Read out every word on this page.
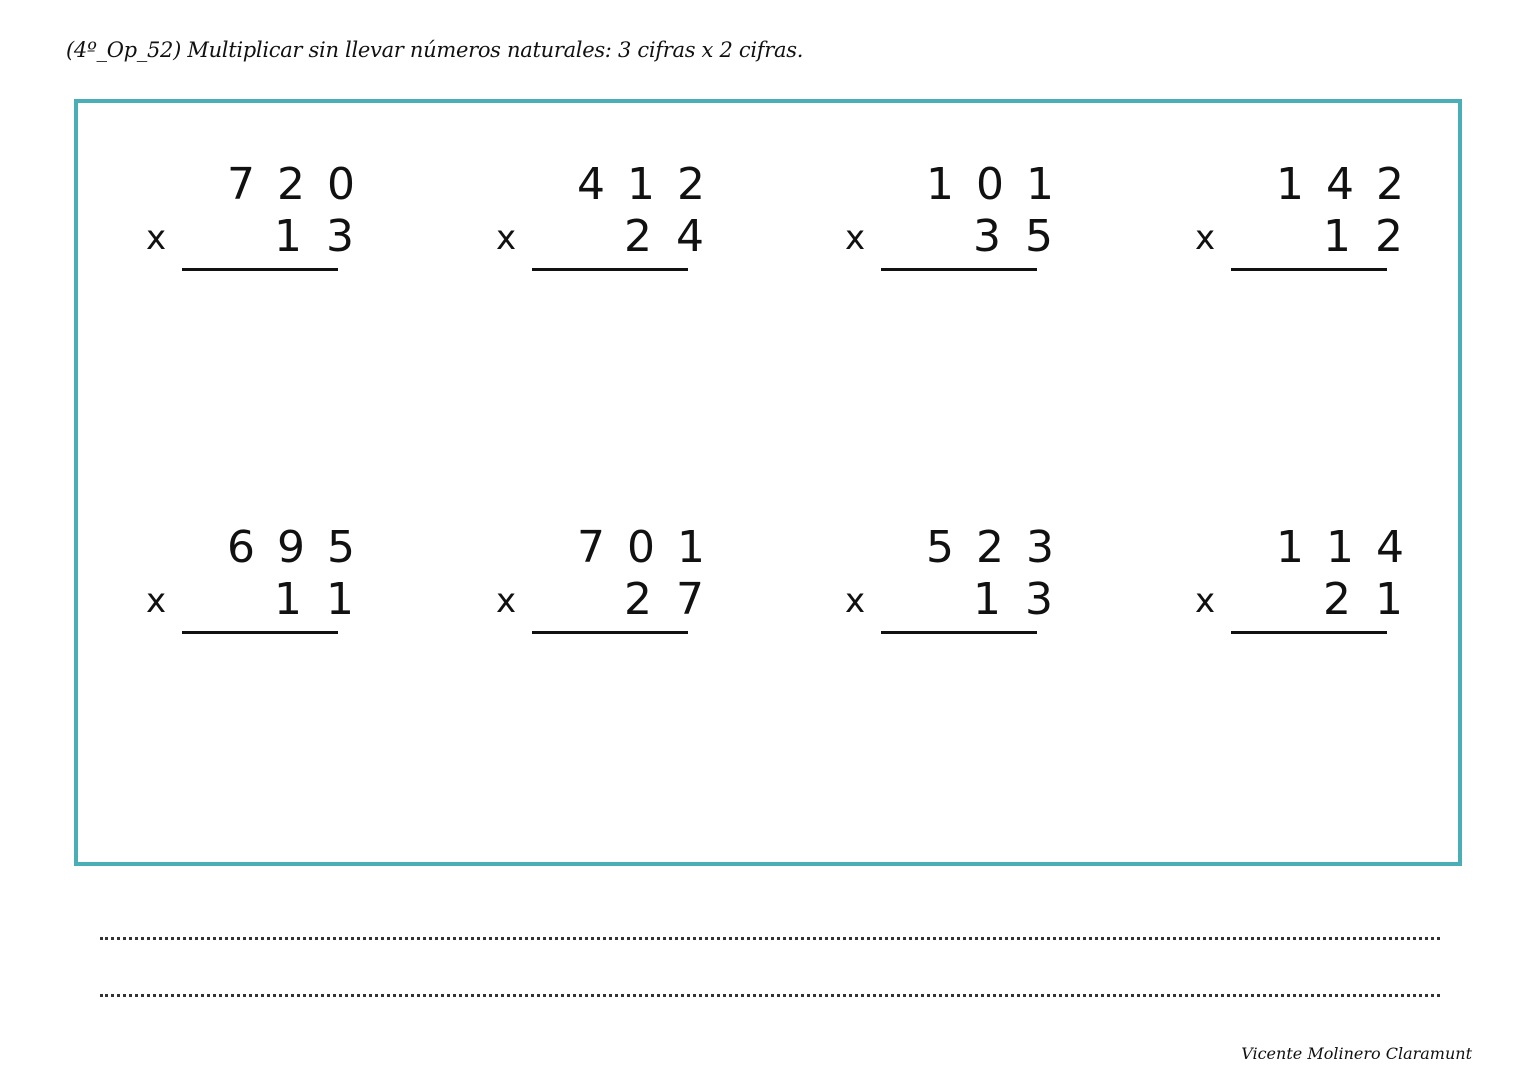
(4º_Op_52) Multiplicar sin llevar números naturales: 3 cifras x 2 cifras.
7 2 0
x 1 3
4 1 2
x 2 4
1 0 1
x 3 5
1 4 2
x 1 2
6 9 5
x 1 1
7 0 1
x 2 7
5 2 3
x 1 3
1 1 4
x 2 1
Vicente Molinero Claramunt
